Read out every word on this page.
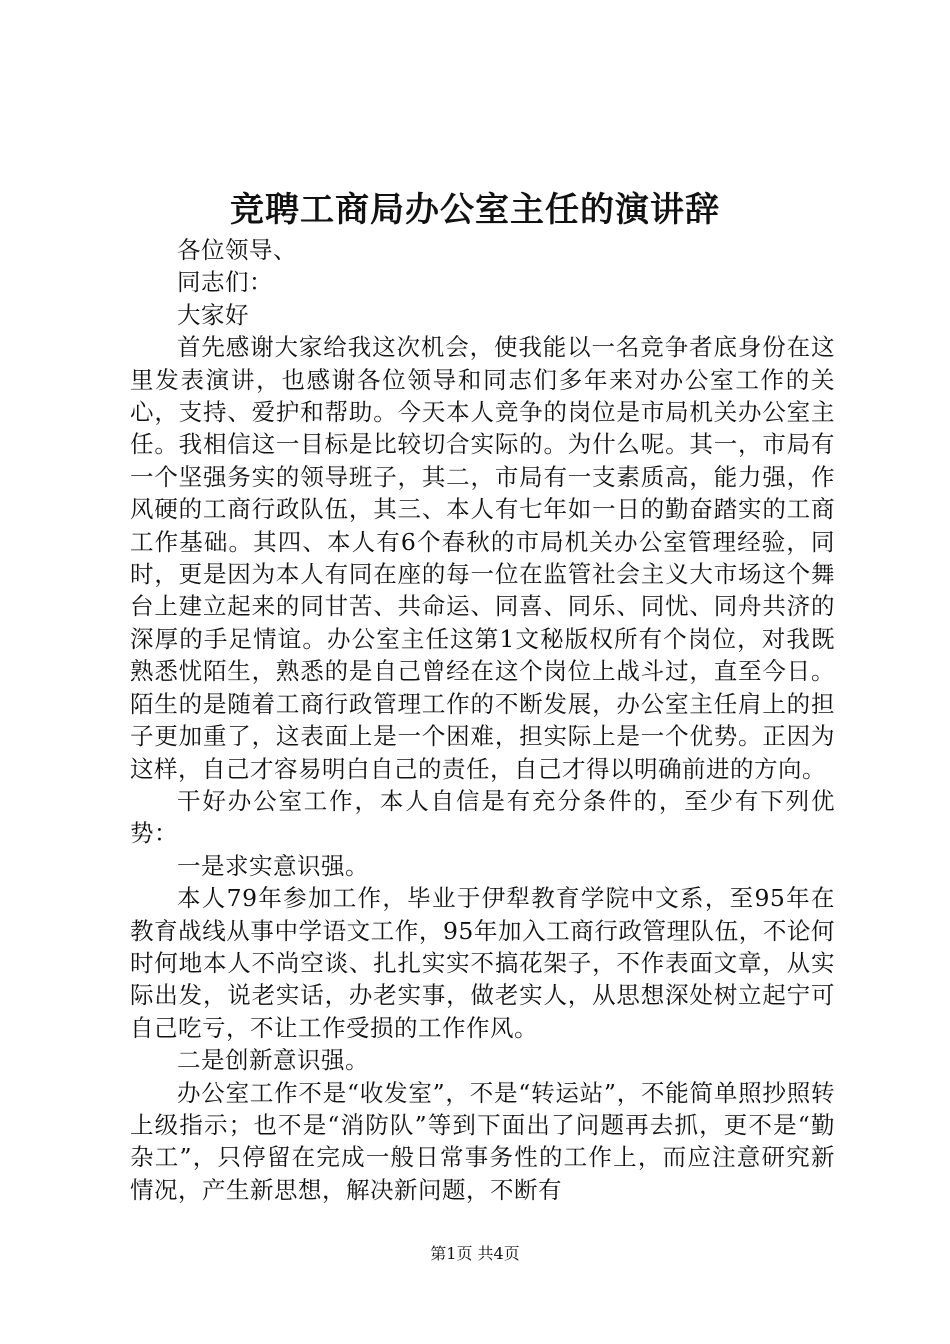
竞聘工商局办公室主任的演讲辞

各位领导、

同志们：

大家好

首先感谢大家给我这次机会，使我能以一名竞争者底身份在这里发表演讲，也感谢各位领导和同志们多年来对办公室工作的关心，支持、爱护和帮助。今天本人竞争的岗位是市局机关办公室主任。我相信这一目标是比较切合实际的。为什么呢。其一，市局有一个坚强务实的领导班子，其二，市局有一支素质高，能力强，作风硬的工商行政队伍，其三、本人有七年如一日的勤奋踏实的工商工作基础。其四、本人有6个春秋的市局机关办公室管理经验，同时，更是因为本人有同在座的每一位在监管社会主义大市场这个舞台上建立起来的同甘苦、共命运、同喜、同乐、同忧、同舟共济的深厚的手足情谊。办公室主任这第1文秘版权所有个岗位，对我既熟悉忧陌生，熟悉的是自己曾经在这个岗位上战斗过，直至今日。陌生的是随着工商行政管理工作的不断发展，办公室主任肩上的担子更加重了，这表面上是一个困难，担实际上是一个优势。正因为这样，自己才容易明白自己的责任，自己才得以明确前进的方向。

干好办公室工作，本人自信是有充分条件的，至少有下列优势：

一是求实意识强。

本人79年参加工作，毕业于伊犁教育学院中文系，至95年在教育战线从事中学语文工作，95年加入工商行政管理队伍，不论何时何地本人不尚空谈、扎扎实实不搞花架子，不作表面文章，从实际出发，说老实话，办老实事，做老实人，从思想深处树立起宁可自己吃亏，不让工作受损的工作作风。

二是创新意识强。

办公室工作不是“收发室”，不是“转运站”，不能简单照抄照转上级指示；也不是“消防队”等到下面出了问题再去抓，更不是“勤杂工”，只停留在完成一般日常事务性的工作上，而应注意研究新情况，产生新思想，解决新问题，不断有

第1页 共4页
